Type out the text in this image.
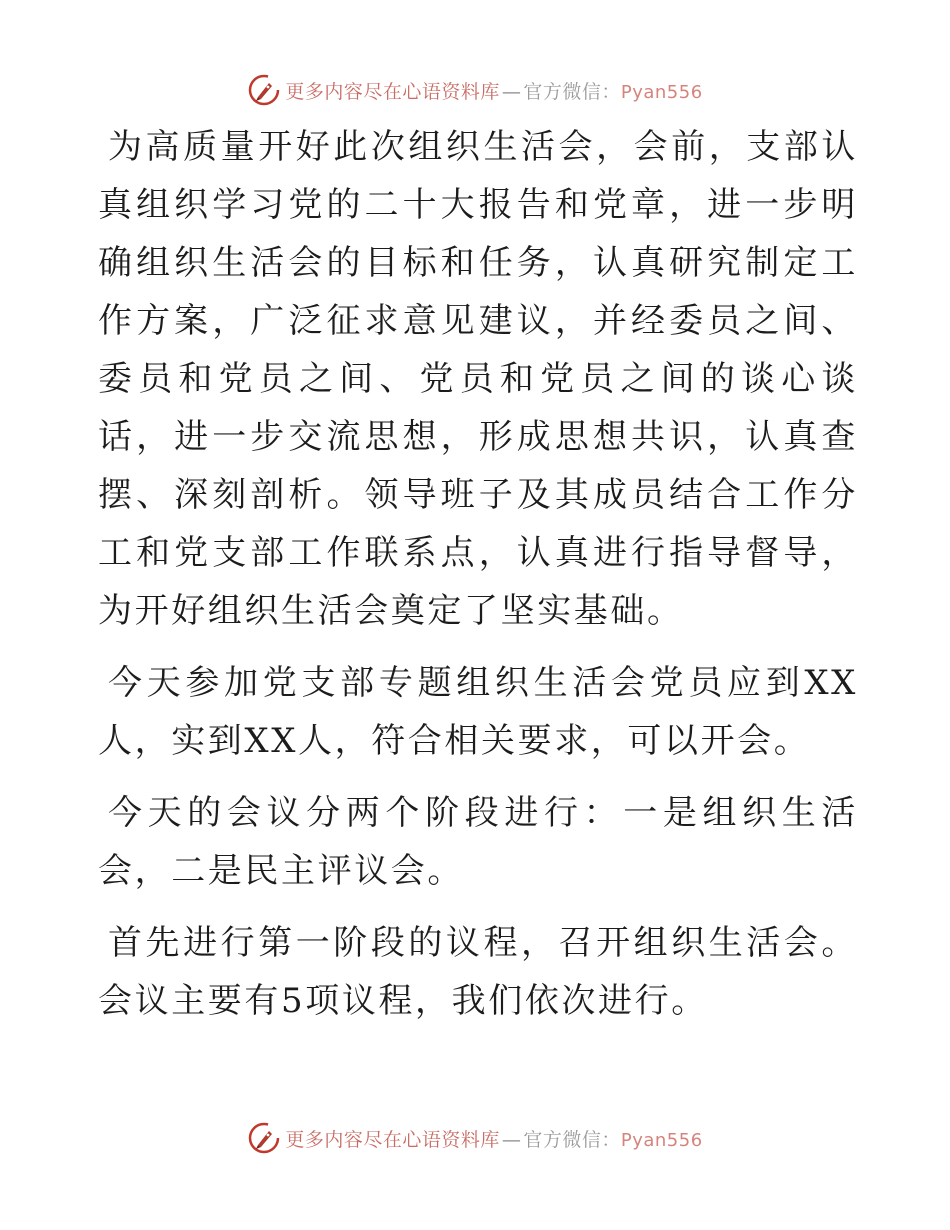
更多内容尽在心语资料库 — 官方微信：Pyan556

为高质量开好此次组织生活会，会前，支部认真组织学习党的二十大报告和党章，进一步明确组织生活会的目标和任务，认真研究制定工作方案，广泛征求意见建议，并经委员之间、委员和党员之间、党员和党员之间的谈心谈话，进一步交流思想，形成思想共识，认真查摆、深刻剖析。领导班子及其成员结合工作分工和党支部工作联系点，认真进行指导督导，为开好组织生活会奠定了坚实基础。

今天参加党支部专题组织生活会党员应到XX人，实到XX人，符合相关要求，可以开会。

今天的会议分两个阶段进行：一是组织生活会，二是民主评议会。

首先进行第一阶段的议程，召开组织生活会。会议主要有5项议程，我们依次进行。

更多内容尽在心语资料库 — 官方微信：Pyan556
